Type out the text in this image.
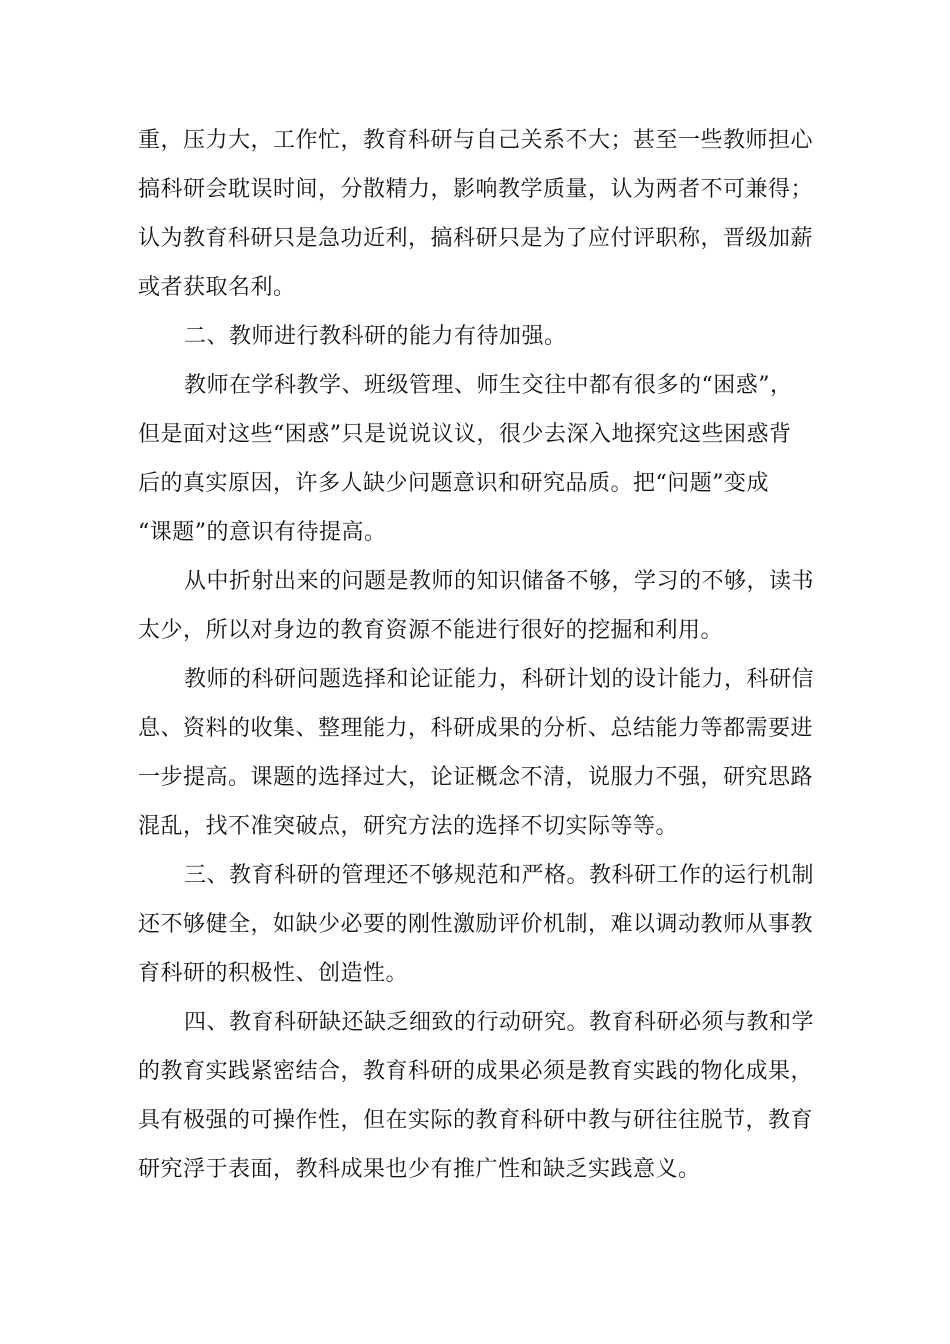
重，压力大，工作忙，教育科研与自己关系不大；甚至一些教师担心
搞科研会耽误时间，分散精力，影响教学质量，认为两者不可兼得；
认为教育科研只是急功近利，搞科研只是为了应付评职称，晋级加薪
或者获取名利。
二、教师进行教科研的能力有待加强。
教师在学科教学、班级管理、师生交往中都有很多的“困惑”，
但是面对这些“困惑”只是说说议议，很少去深入地探究这些困惑背
后的真实原因，许多人缺少问题意识和研究品质。把“问题”变成
“课题”的意识有待提高。
从中折射出来的问题是教师的知识储备不够，学习的不够，读书
太少，所以对身边的教育资源不能进行很好的挖掘和利用。
教师的科研问题选择和论证能力，科研计划的设计能力，科研信
息、资料的收集、整理能力，科研成果的分析、总结能力等都需要进
一步提高。课题的选择过大，论证概念不清，说服力不强，研究思路
混乱，找不准突破点，研究方法的选择不切实际等等。
三、教育科研的管理还不够规范和严格。教科研工作的运行机制
还不够健全，如缺少必要的刚性激励评价机制，难以调动教师从事教
育科研的积极性、创造性。
四、教育科研缺还缺乏细致的行动研究。教育科研必须与教和学
的教育实践紧密结合，教育科研的成果必须是教育实践的物化成果，
具有极强的可操作性，但在实际的教育科研中教与研往往脱节，教育
研究浮于表面，教科成果也少有推广性和缺乏实践意义。
